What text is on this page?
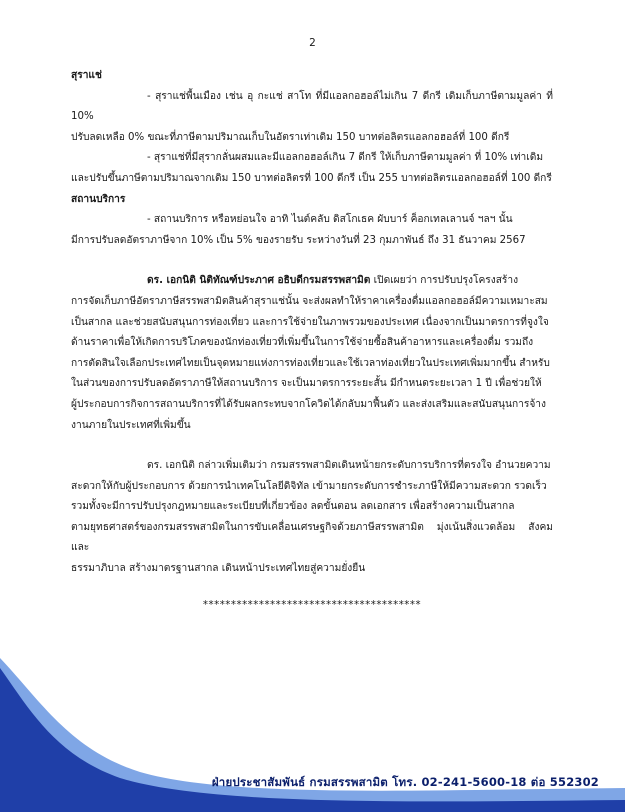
2

สุราแช่

- สุราแช่พื้นเมือง เช่น อุ กะแช่ สาโท ที่มีแอลกอฮอล์ไม่เกิน 7 ดีกรี เดิมเก็บภาษีตามมูลค่า ที่ 10%

ปรับลดเหลือ 0% ขณะที่ภาษีตามปริมาณเก็บในอัตราเท่าเดิม 150 บาทต่อลิตรแอลกอฮอล์ที่ 100 ดีกรี

- สุราแช่ที่มีสุรากลั่นผสมและมีแอลกอฮอล์เกิน 7 ดีกรี ให้เก็บภาษีตามมูลค่า ที่ 10% เท่าเดิม

และปรับขึ้นภาษีตามปริมาณจากเดิม 150 บาทต่อลิตรที่ 100 ดีกรี เป็น 255 บาทต่อลิตรแอลกอฮอล์ที่ 100 ดีกรี

สถานบริการ

- สถานบริการ หรือหย่อนใจ อาทิ ไนต์คลับ ดิสโกเธค ผับบาร์ ค็อกเทลเลานจ์ ฯลฯ นั้น

มีการปรับลดอัตราภาษีจาก 10% เป็น 5% ของรายรับ ระหว่างวันที่ 23 กุมภาพันธ์ ถึง 31 ธันวาคม 2567

ดร. เอกนิติ นิติทัณฑ์ประภาศ อธิบดีกรมสรรพสามิต เปิดเผยว่า การปรับปรุงโครงสร้าง

การจัดเก็บภาษีอัตราภาษีสรรพสามิตสินค้าสุราแช่นั้น จะส่งผลทำให้ราคาเครื่องดื่มแอลกอฮอล์มีความเหมาะสม

เป็นสากล และช่วยสนับสนุนการท่องเที่ยว และการใช้จ่ายในภาพรวมของประเทศ เนื่องจากเป็นมาตรการที่จูงใจ

ด้านราคาเพื่อให้เกิดการบริโภคของนักท่องเที่ยวที่เพิ่มขึ้นในการใช้จ่ายซื้อสินค้าอาหารและเครื่องดื่ม รวมถึง

การตัดสินใจเลือกประเทศไทยเป็นจุดหมายแห่งการท่องเที่ยวและใช้เวลาท่องเที่ยวในประเทศเพิ่มมากขึ้น สำหรับ

ในส่วนของการปรับลดอัตราภาษีให้สถานบริการ จะเป็นมาตรการระยะสั้น มีกำหนดระยะเวลา 1 ปี เพื่อช่วยให้

ผู้ประกอบการกิจการสถานบริการที่ได้รับผลกระทบจากโควิดได้กลับมาฟื้นตัว และส่งเสริมและสนับสนุนการจ้าง

งานภายในประเทศที่เพิ่มขึ้น

ดร. เอกนิติ กล่าวเพิ่มเติมว่า กรมสรรพสามิตเดินหน้ายกระดับการบริการที่ตรงใจ อำนวยความ

สะดวกให้กับผู้ประกอบการ ด้วยการนำเทคโนโลยีดิจิทัล เข้ามายกระดับการชำระภาษีให้มีความสะดวก รวดเร็ว

รวมทั้งจะมีการปรับปรุงกฎหมายและระเบียบที่เกี่ยวข้อง ลดขั้นตอน ลดเอกสาร เพื่อสร้างความเป็นสากล

ตามยุทธศาสตร์ของกรมสรรพสามิตในการขับเคลื่อนเศรษฐกิจด้วยภาษีสรรพสามิต มุ่งเน้นสิ่งแวดล้อม สังคม และ

ธรรมาภิบาล สร้างมาตรฐานสากล เดินหน้าประเทศไทยสู่ความยั่งยืน

***************************************

ฝ่ายประชาสัมพันธ์ กรมสรรพสามิต โทร. 02-241-5600-18 ต่อ 552302
